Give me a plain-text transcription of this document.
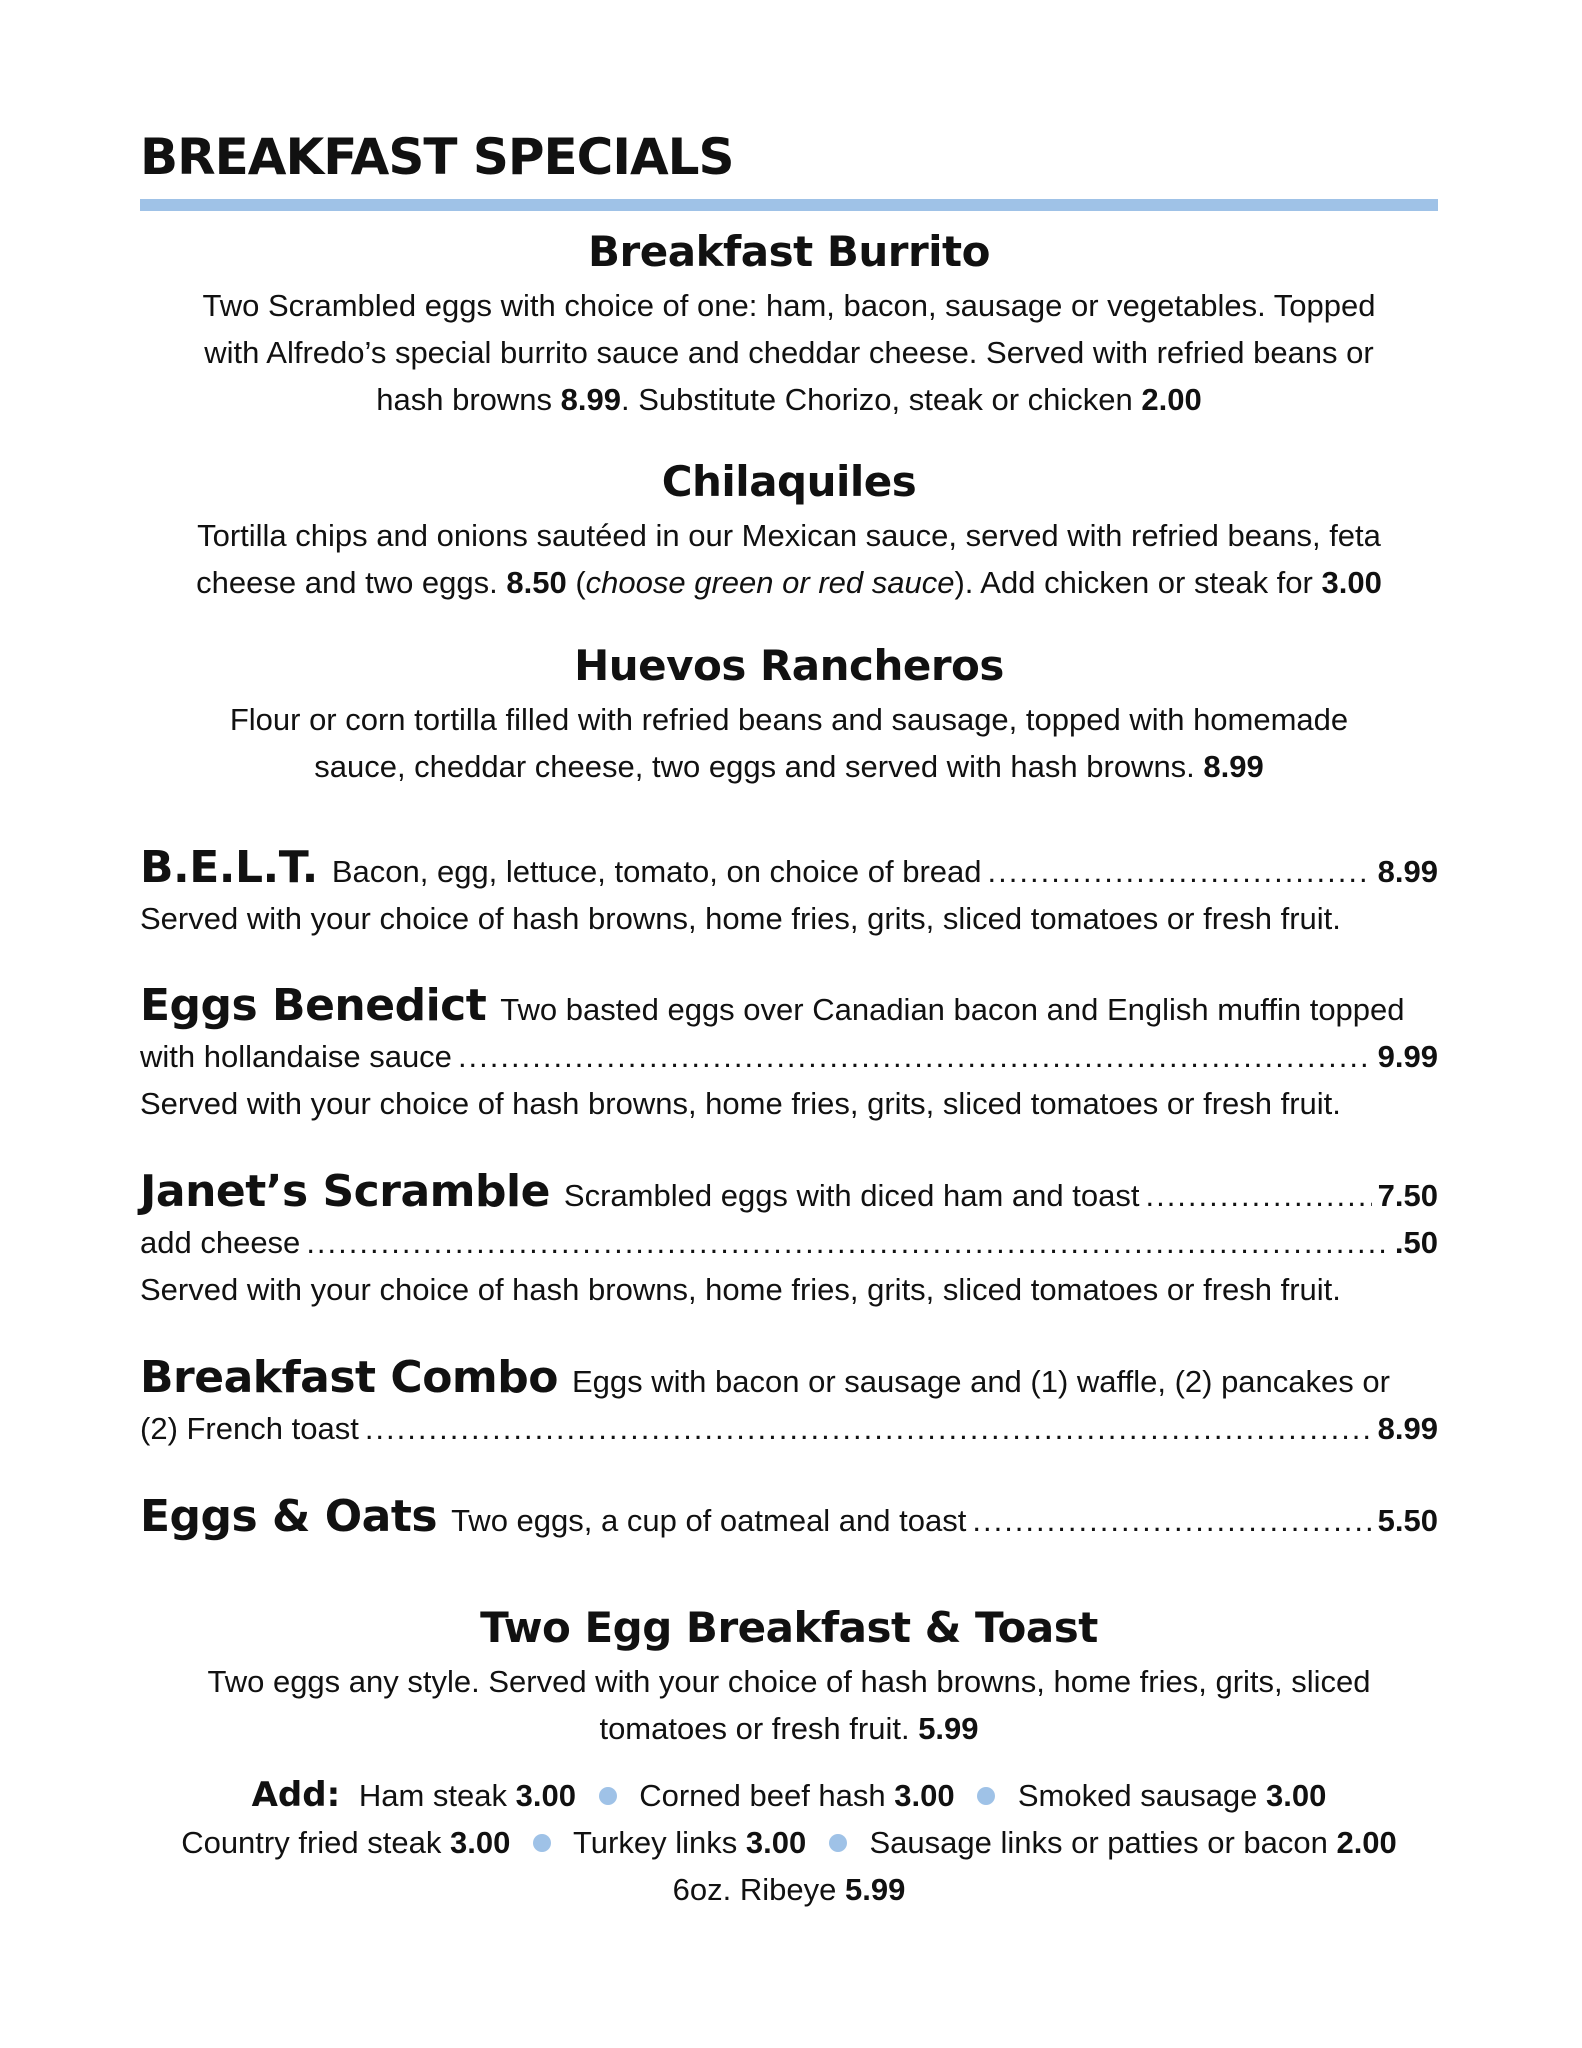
BREAKFAST SPECIALS
Breakfast Burrito

Two Scrambled eggs with choice of one: ham, bacon, sausage or vegetables. Topped

with Alfredo’s special burrito sauce and cheddar cheese. Served with refried beans or

hash browns 8.99. Substitute Chorizo, steak or chicken 2.00

Chilaquiles

Tortilla chips and onions sautéed in our Mexican sauce, served with refried beans, feta

cheese and two eggs. 8.50 (choose green or red sauce). Add chicken or steak for 3.00

Huevos Rancheros

Flour or corn tortilla filled with refried beans and sausage, topped with homemade

sauce, cheddar cheese, two eggs and served with hash browns. 8.99

B.E.L.T. Bacon, egg, lettuce, tomato, on choice of bread .....	8.99
Served with your choice of hash browns, home fries, grits, sliced tomatoes or fresh fruit.
Eggs Benedict Two basted eggs over Canadian bacon and English muffin topped
with hollandaise sauce .....	9.99
Served with your choice of hash browns, home fries, grits, sliced tomatoes or fresh fruit.
Janet’s Scramble Scrambled eggs with diced ham and toast .....	7.50
add cheese .....	.50
Served with your choice of hash browns, home fries, grits, sliced tomatoes or fresh fruit.
Breakfast Combo Eggs with bacon or sausage and (1) waffle, (2) pancakes or
(2) French toast .....	8.99
Eggs & Oats Two eggs, a cup of oatmeal and toast .....	5.50
Two Egg Breakfast & Toast

Two eggs any style. Served with your choice of hash browns, home fries, grits, sliced

tomatoes or fresh fruit. 5.99

Add: Ham steak 3.00 Corned beef hash 3.00 Smoked sausage 3.00
Country fried steak 3.00 Turkey links 3.00 Sausage links or patties or bacon 2.00
6oz. Ribeye 5.99
